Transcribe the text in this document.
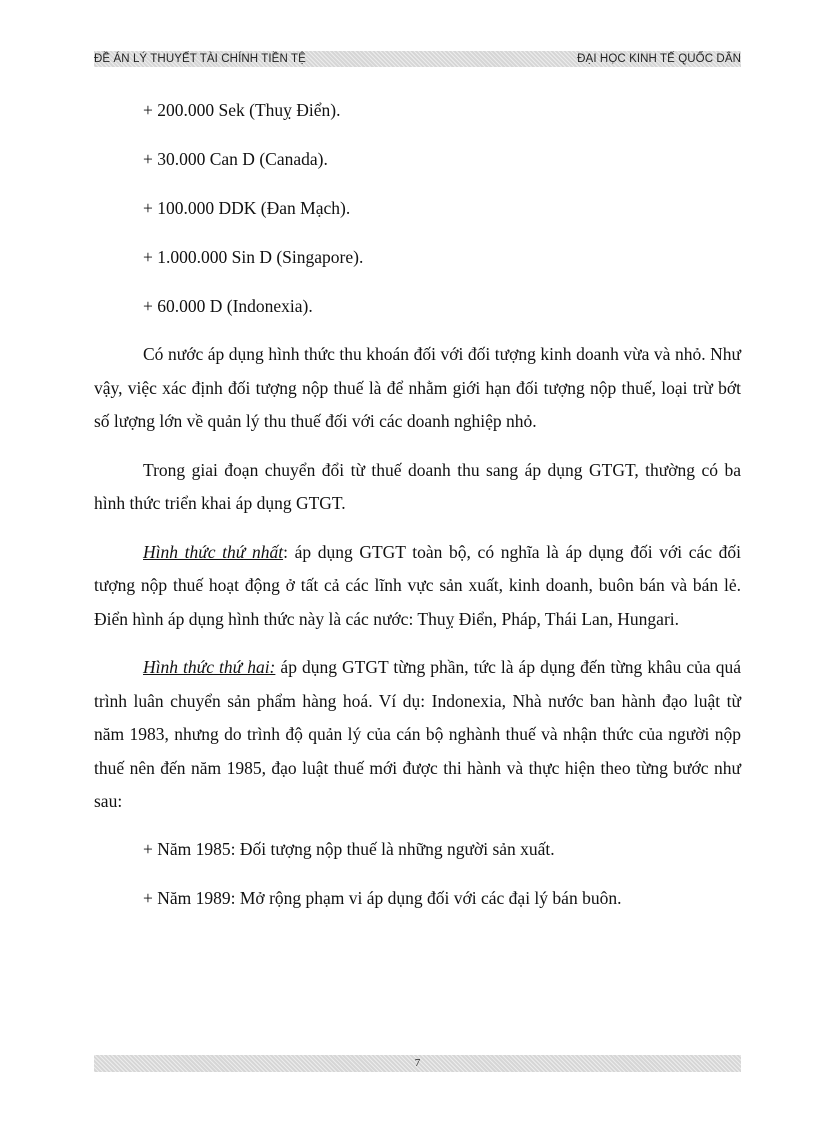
ĐỀ ÁN LÝ THUYẾT TÀI CHÍNH TIỀN TỆ	ĐẠI HỌC KINH TẾ QUỐC DÂN

+ 200.000 Sek (Thuỵ Điển).

+ 30.000 Can D (Canada).

+ 100.000 DDK (Đan Mạch).

+ 1.000.000 Sin D (Singapore).

+ 60.000 D (Indonexia).

Có nước áp dụng hình thức thu khoán đối với đối tượng kinh doanh vừa và nhỏ. Như vậy, việc xác định đối tượng nộp thuế là để nhằm giới hạn đối tượng nộp thuế, loại trừ bớt số lượng lớn về quản lý thu thuế đối với các doanh nghiệp nhỏ.

Trong giai đoạn chuyển đổi từ thuế doanh thu sang áp dụng GTGT, thường có ba hình thức triển khai áp dụng GTGT.

Hình thức thứ nhất: áp dụng GTGT toàn bộ, có nghĩa là áp dụng đối với các đối tượng nộp thuế hoạt động ở tất cả các lĩnh vực sản xuất, kinh doanh, buôn bán và bán lẻ. Điển hình áp dụng hình thức này là các nước: Thuỵ Điển, Pháp, Thái Lan, Hungari.

Hình thức thứ hai: áp dụng GTGT từng phần, tức là áp dụng đến từng khâu của quá trình luân chuyển sản phẩm hàng hoá. Ví dụ: Indonexia, Nhà nước ban hành đạo luật từ năm 1983, nhưng do trình độ quản lý của cán bộ nghành thuế và nhận thức của người nộp thuế nên đến năm 1985, đạo luật thuế mới được thi hành và thực hiện theo từng bước như sau:

+ Năm 1985: Đối tượng nộp thuế là những người sản xuất.

+ Năm 1989: Mở rộng phạm vi áp dụng đối với các đại lý bán buôn.

7
